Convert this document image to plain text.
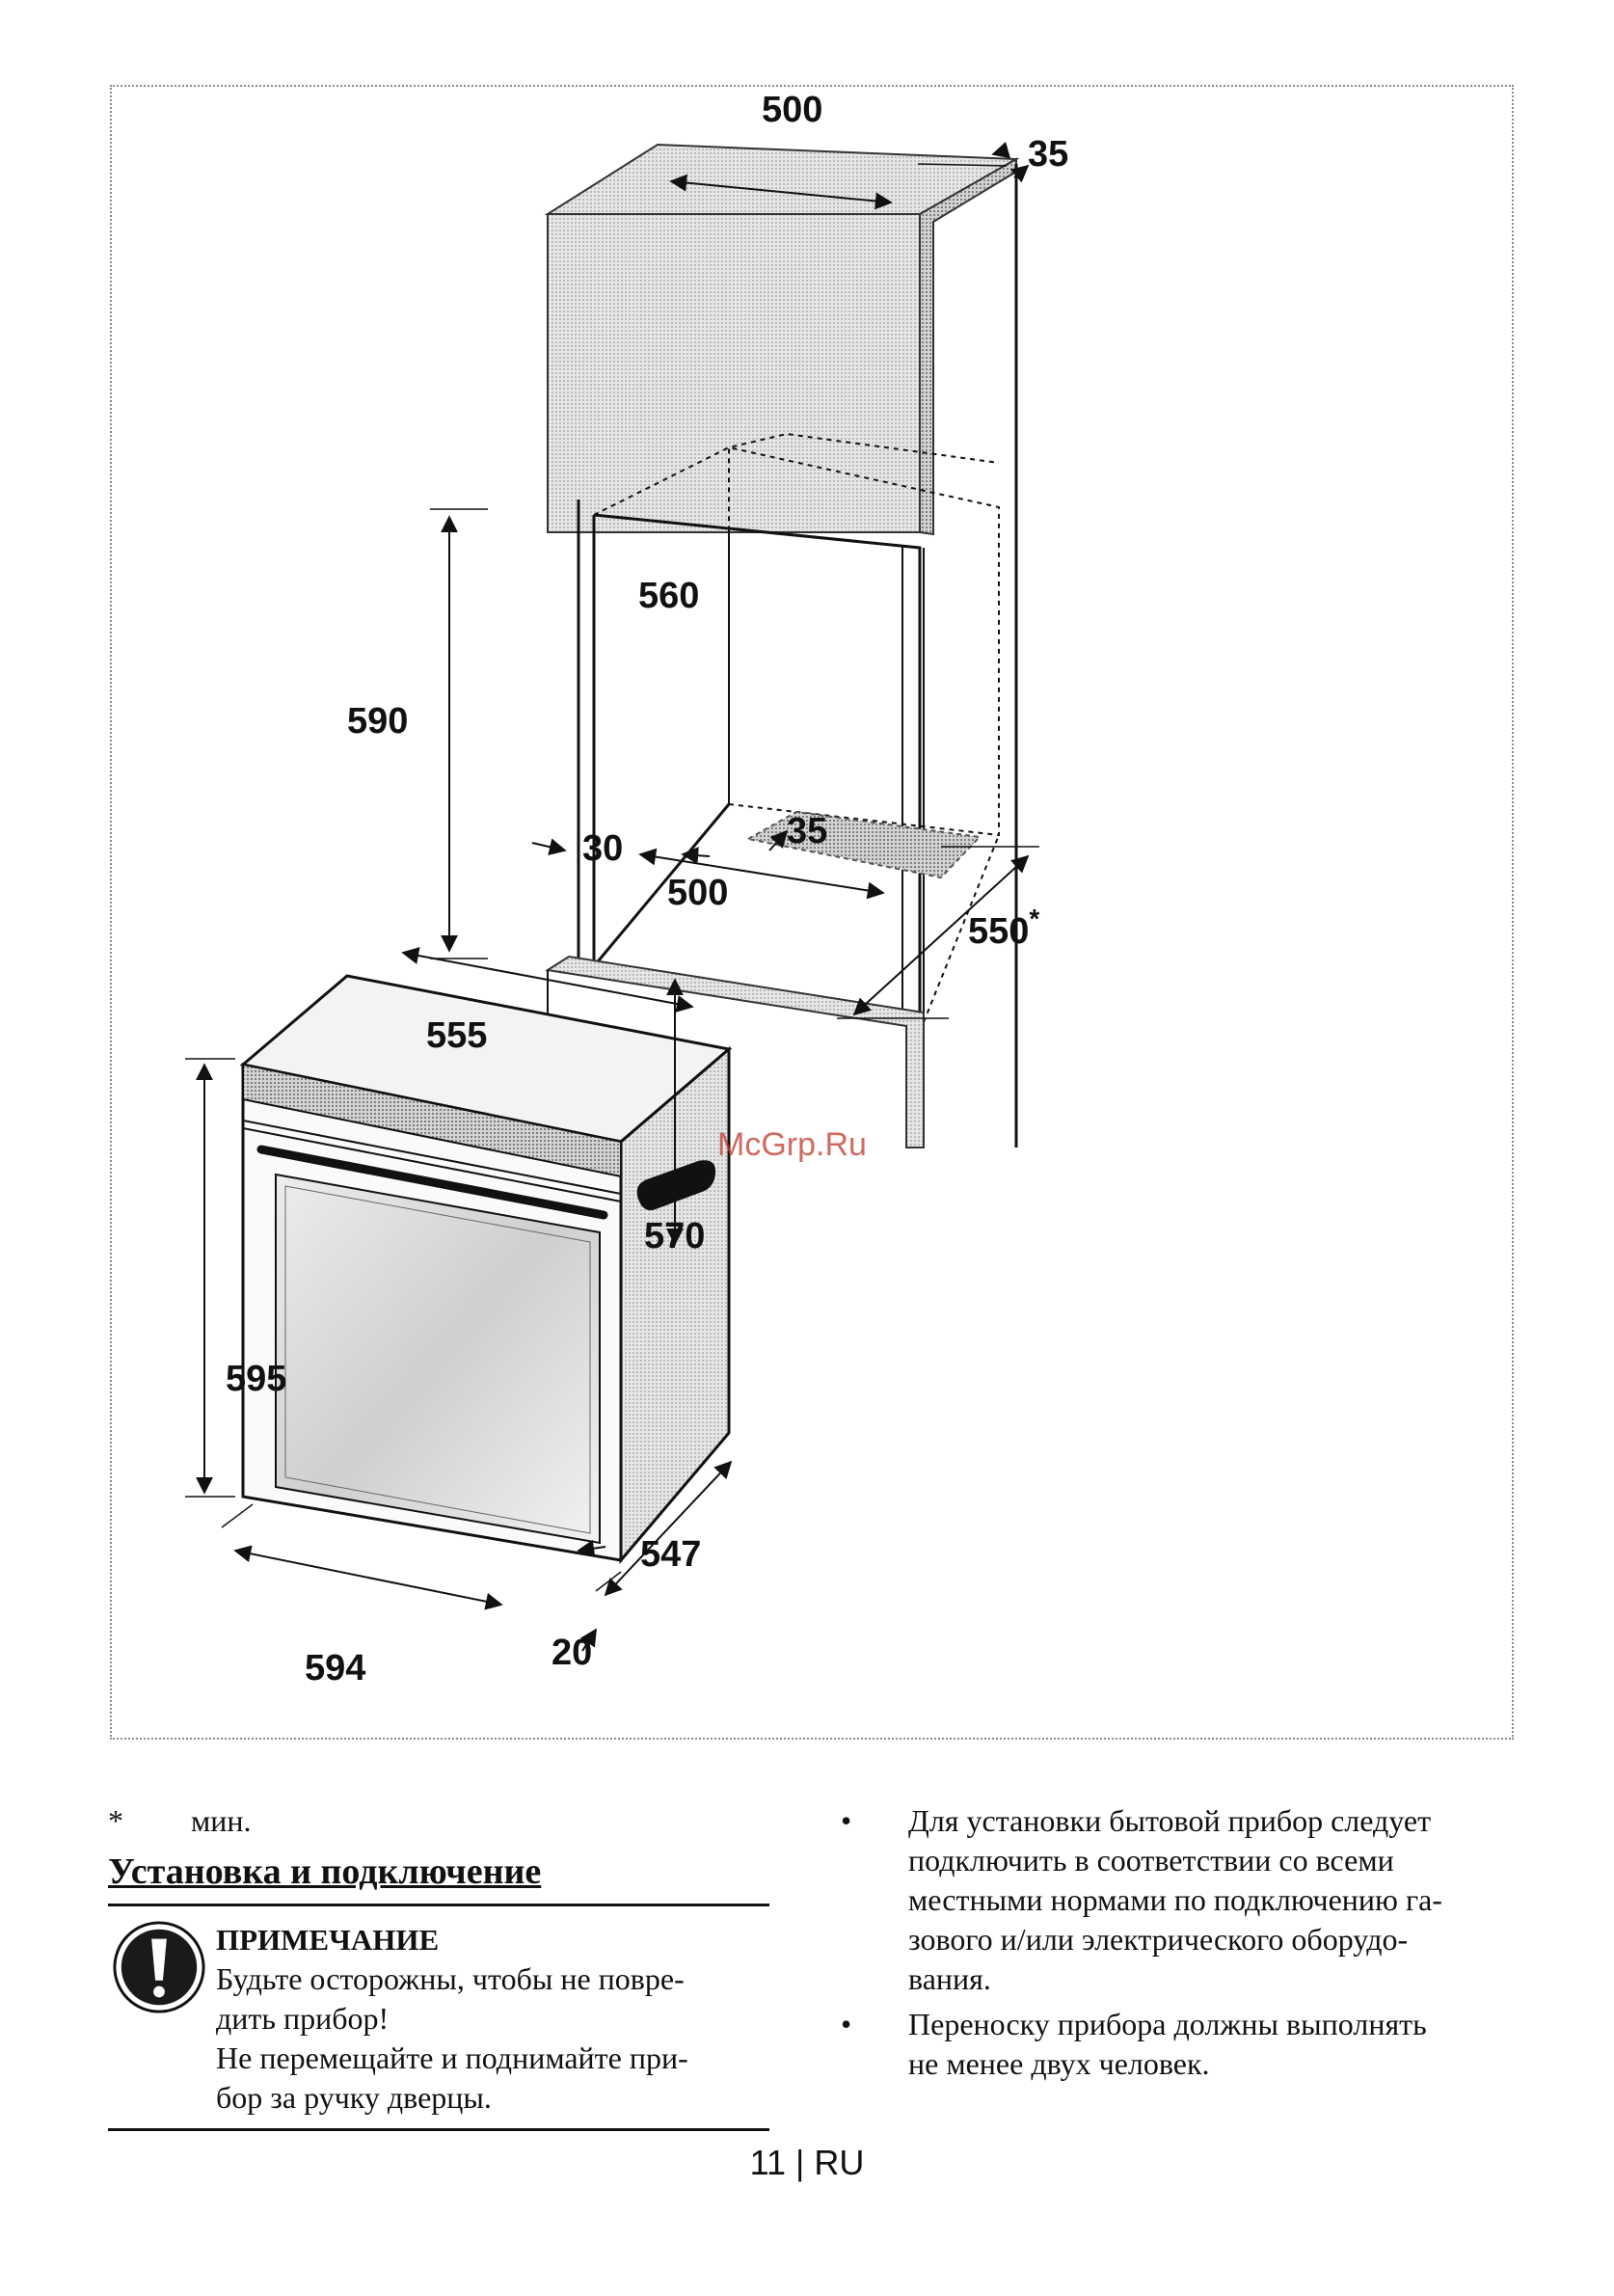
500
35
560
590
30	35
500
550*
555
570
595
547
20
594
McGrp.Ru
*	мин.
Установка и подключение
ПРИМЕЧАНИЕ
Будьте осторожны, чтобы не повре-
дить прибор!
Не перемещайте и поднимайте при-
бор за ручку дверцы.
•	Для установки бытовой прибор следует
подключить в соответствии со всеми
местными нормами по подключению га-
зового и/или электрического оборудо-
вания.
•	Переноску прибора должны выполнять
не менее двух человек.
11 | RU
